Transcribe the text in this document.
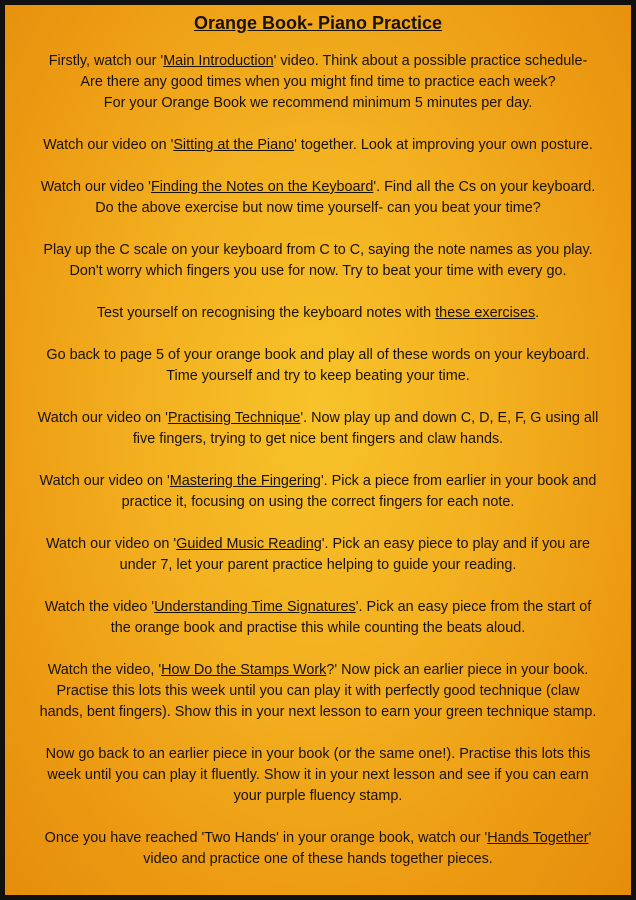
Orange Book- Piano Practice

Firstly, watch our 'Main Introduction' video. Think about a possible practice schedule-
Are there any good times when you might find time to practice each week?
For your Orange Book we recommend minimum 5 minutes per day.

Watch our video on 'Sitting at the Piano' together. Look at improving your own posture.

Watch our video 'Finding the Notes on the Keyboard'. Find all the Cs on your keyboard.
Do the above exercise but now time yourself- can you beat your time?

Play up the C scale on your keyboard from C to C, saying the note names as you play.
Don't worry which fingers you use for now. Try to beat your time with every go.

Test yourself on recognising the keyboard notes with these exercises.

Go back to page 5 of your orange book and play all of these words on your keyboard.
Time yourself and try to keep beating your time.

Watch our video on 'Practising Technique'. Now play up and down C, D, E, F, G using all
five fingers, trying to get nice bent fingers and claw hands.

Watch our video on 'Mastering the Fingering'. Pick a piece from earlier in your book and
practice it, focusing on using the correct fingers for each note.

Watch our video on 'Guided Music Reading'. Pick an easy piece to play and if you are
under 7, let your parent practice helping to guide your reading.

Watch the video 'Understanding Time Signatures'. Pick an easy piece from the start of
the orange book and practise this while counting the beats aloud.

Watch the video, 'How Do the Stamps Work?' Now pick an earlier piece in your book.
Practise this lots this week until you can play it with perfectly good technique (claw
hands, bent fingers). Show this in your next lesson to earn your green technique stamp.

Now go back to an earlier piece in your book (or the same one!). Practise this lots this
week until you can play it fluently. Show it in your next lesson and see if you can earn
your purple fluency stamp.

Once you have reached 'Two Hands' in your orange book, watch our 'Hands Together'
video and practice one of these hands together pieces.
